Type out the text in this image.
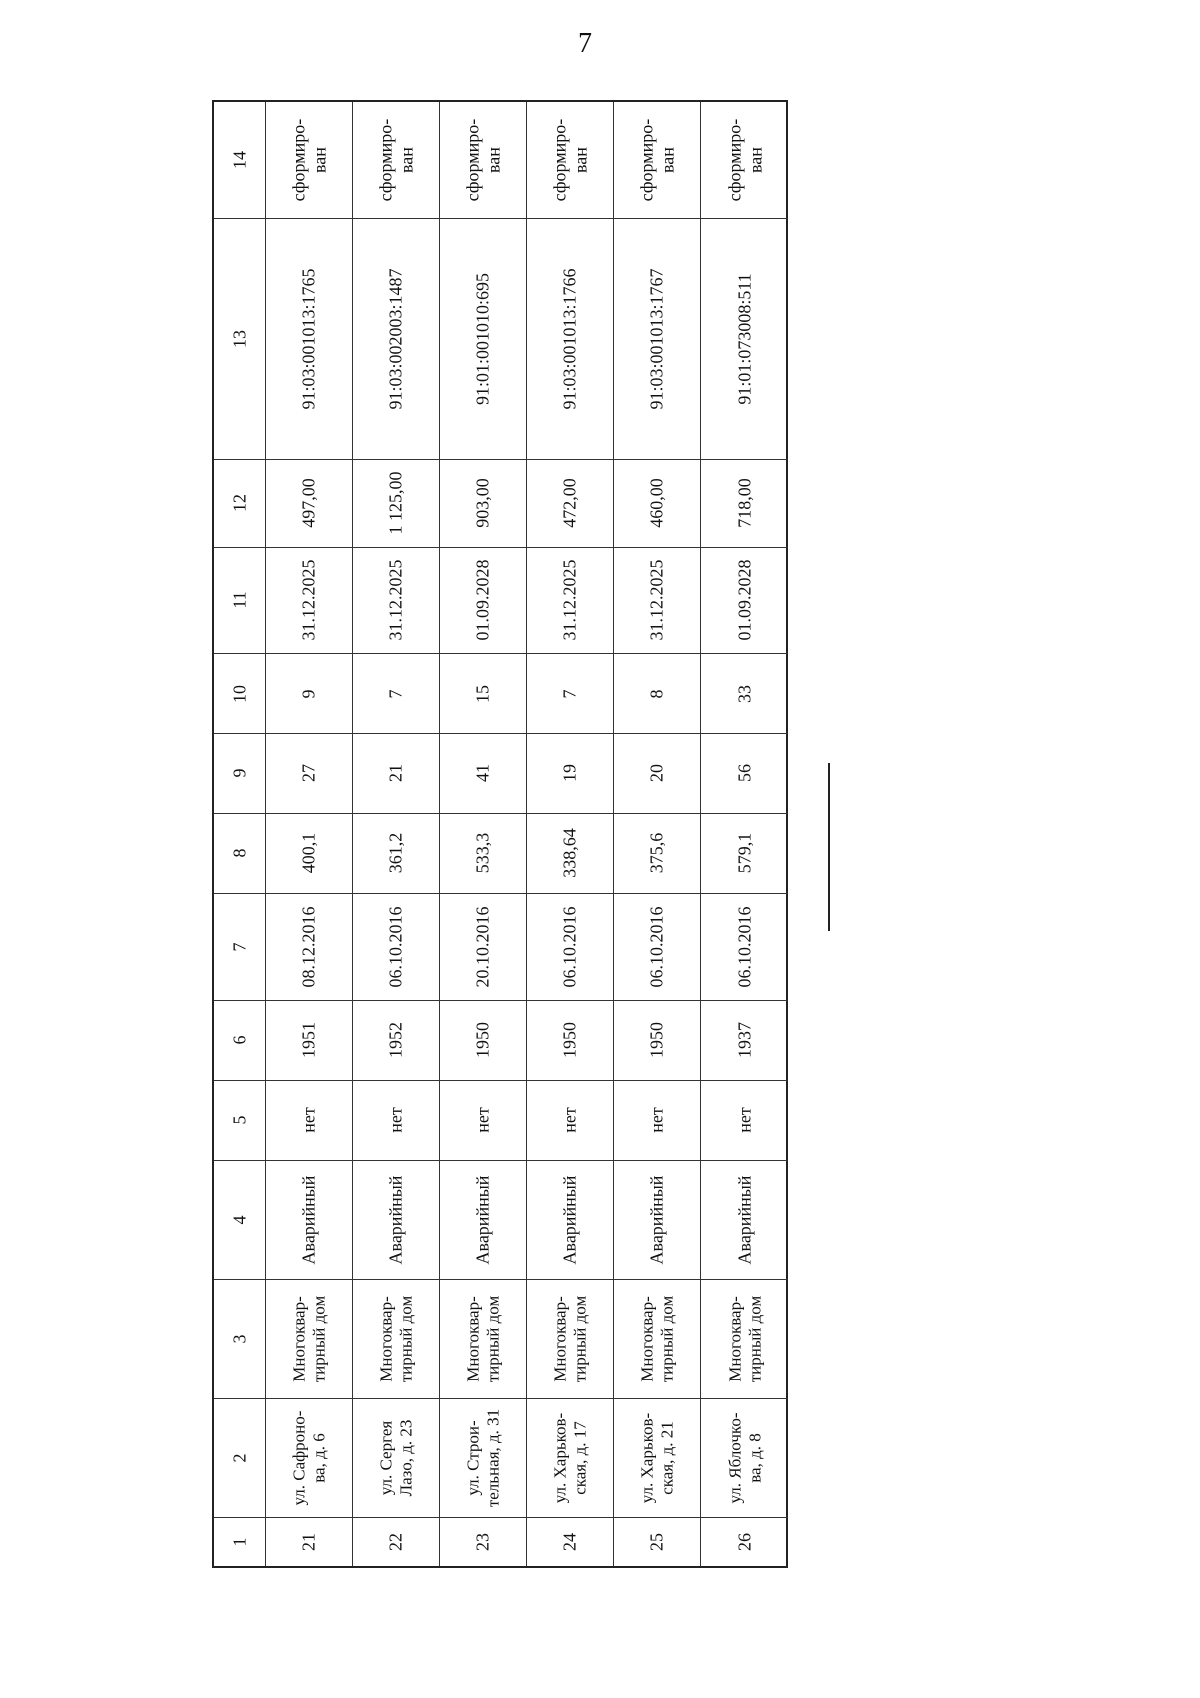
7
14
13
12
11
10
9
8
7
6
5
4
3
2
1
сформиро-
ван
91:03:001013:1765
497,00
31.12.2025
9
27
400,1
08.12.2016
1951
нет
Аварийный
Многоквар-
тирный дом
ул. Сафроно-
ва, д. 6
21
сформиро-
ван
91:03:002003:1487
1 125,00
31.12.2025
7
21
361,2
06.10.2016
1952
нет
Аварийный
Многоквар-
тирный дом
ул. Сергея
Лазо, д. 23
22
сформиро-
ван
91:01:001010:695
903,00
01.09.2028
15
41
533,3
20.10.2016
1950
нет
Аварийный
Многоквар-
тирный дом
ул. Строи-
тельная, д. 31
23
сформиро-
ван
91:03:001013:1766
472,00
31.12.2025
7
19
338,64
06.10.2016
1950
нет
Аварийный
Многоквар-
тирный дом
ул. Харьков-
ская, д. 17
24
сформиро-
ван
91:03:001013:1767
460,00
31.12.2025
8
20
375,6
06.10.2016
1950
нет
Аварийный
Многоквар-
тирный дом
ул. Харьков-
ская, д. 21
25
сформиро-
ван
91:01:073008:511
718,00
01.09.2028
33
56
579,1
06.10.2016
1937
нет
Аварийный
Многоквар-
тирный дом
ул. Яблочко-
ва, д. 8
26
